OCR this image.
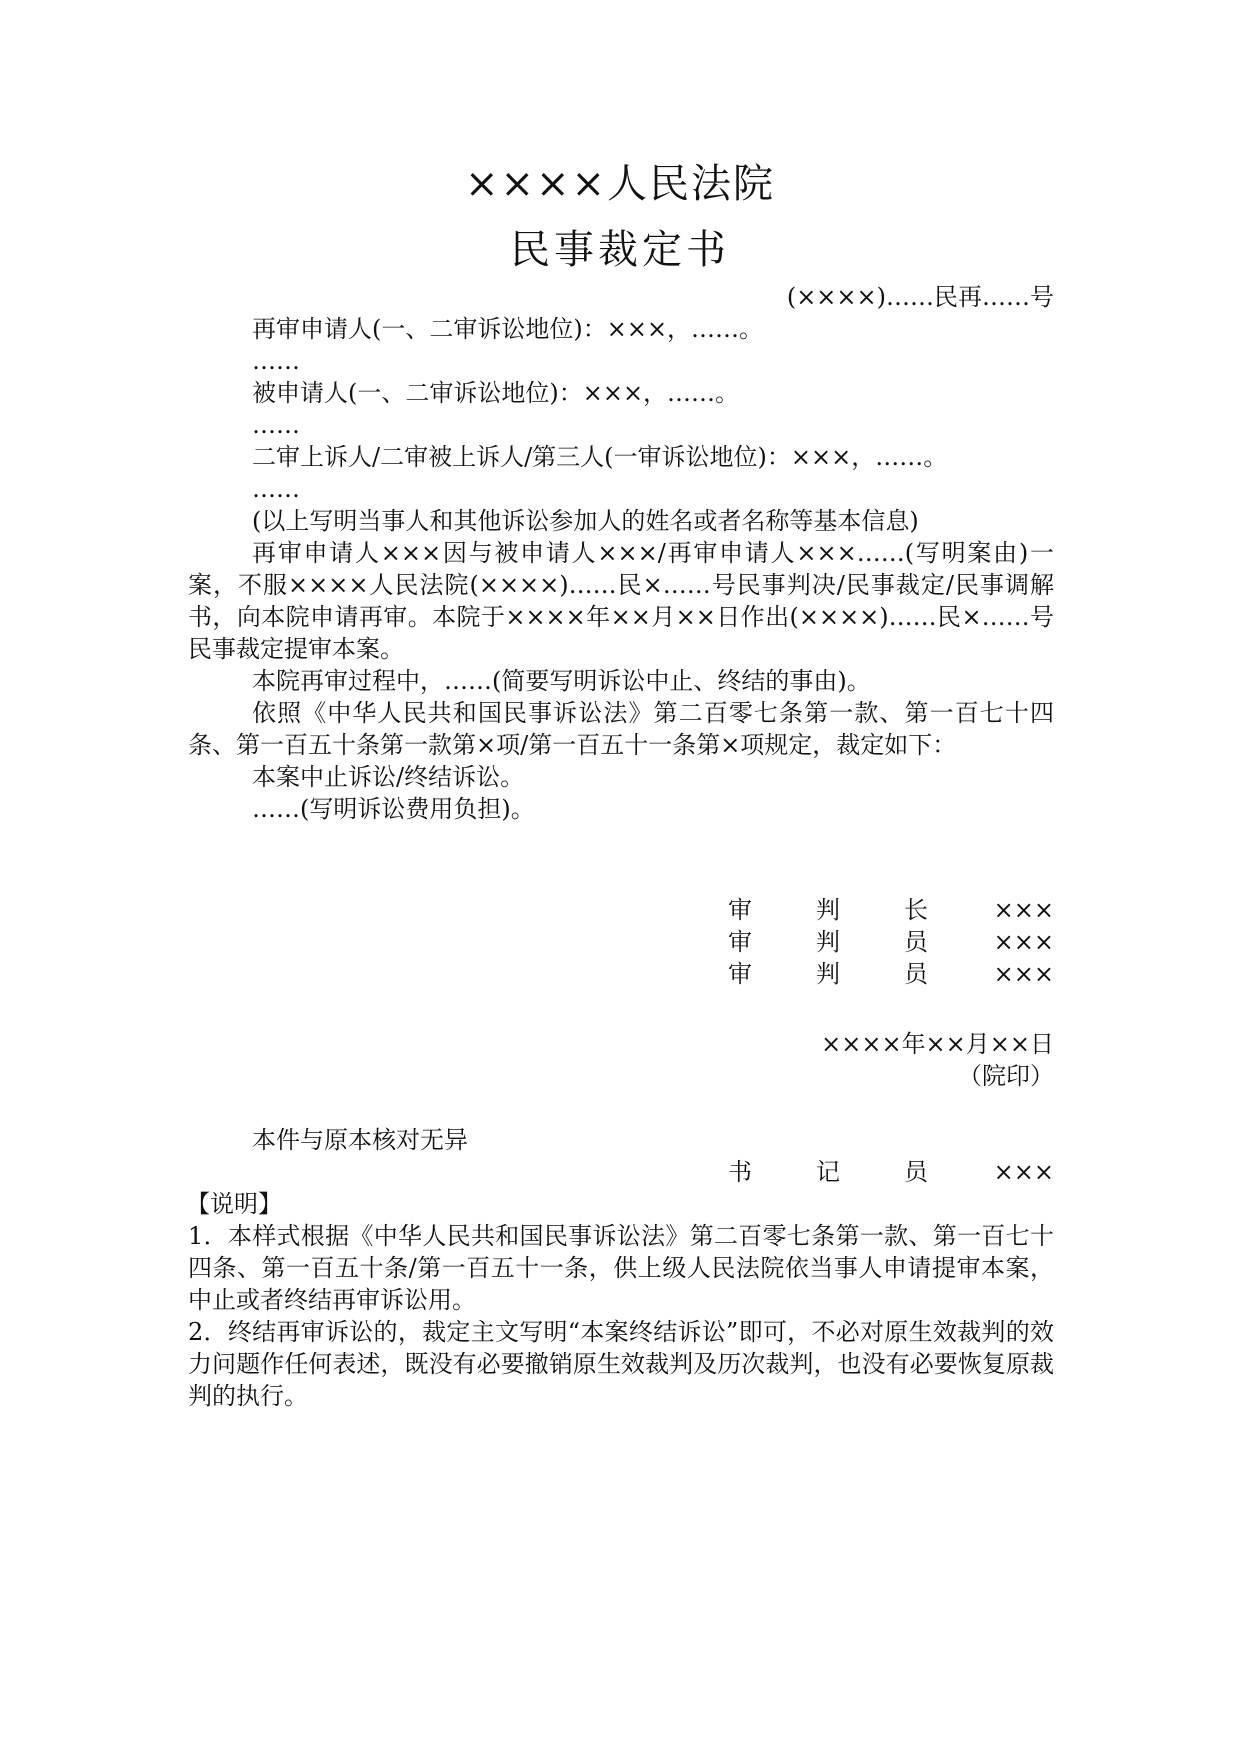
××××人民法院
民事裁定书
(××××)……民再……号
再审申请人(一、二审诉讼地位)：×××，……。
……
被申请人(一、二审诉讼地位)：×××，……。
……
二审上诉人/二审被上诉人/第三人(一审诉讼地位)：×××，……。
……
(以上写明当事人和其他诉讼参加人的姓名或者名称等基本信息)
再审申请人×××因与被申请人×××/再审申请人×××……(写明案由)一案，不服××××人民法院(××××)……民×……号民事判决/民事裁定/民事调解书，向本院申请再审。本院于××××年××月××日作出(××××)……民×……号民事裁定提审本案。
本院再审过程中，……(简要写明诉讼中止、终结的事由)。
依照《中华人民共和国民事诉讼法》第二百零七条第一款、第一百七十四条、第一百五十条第一款第×项/第一百五十一条第×项规定，裁定如下：
本案中止诉讼/终结诉讼。
……(写明诉讼费用负担)。
审	判	长	×××
审	判	员	×××
审	判	员	×××
××××年××月××日
（院印）
本件与原本核对无异
书	记	员	×××
【说明】
1．本样式根据《中华人民共和国民事诉讼法》第二百零七条第一款、第一百七十四条、第一百五十条/第一百五十一条，供上级人民法院依当事人申请提审本案，中止或者终结再审诉讼用。
2．终结再审诉讼的，裁定主文写明“本案终结诉讼”即可，不必对原生效裁判的效力问题作任何表述，既没有必要撤销原生效裁判及历次裁判，也没有必要恢复原裁判的执行。
